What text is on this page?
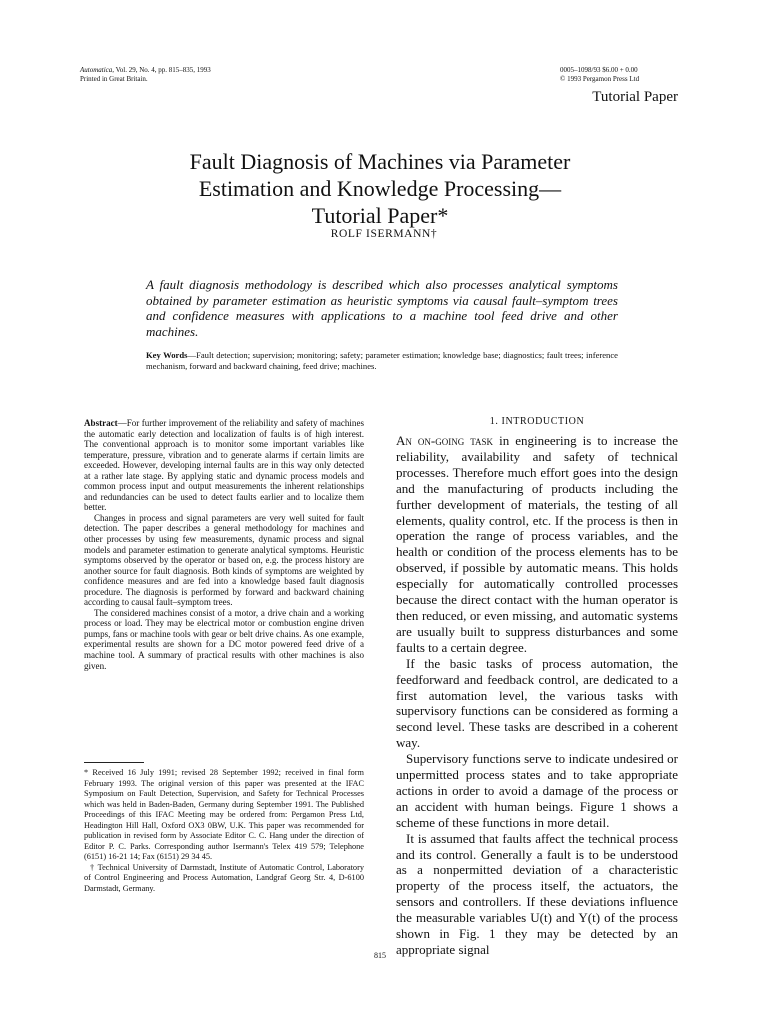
Automatica, Vol. 29, No. 4, pp. 815–835, 1993
Printed in Great Britain.
0005–1098/93 $6.00 + 0.00
© 1993 Pergamon Press Ltd
Tutorial Paper
Fault Diagnosis of Machines via Parameter
Estimation and Knowledge Processing—
Tutorial Paper*
ROLF ISERMANN†
A fault diagnosis methodology is described which also processes analytical symptoms obtained by parameter estimation as heuristic symptoms via causal fault–symptom trees and confidence measures with applications to a machine tool feed drive and other machines.
Key Words—Fault detection; supervision; monitoring; safety; parameter estimation; knowledge base; diagnostics; fault trees; inference mechanism, forward and backward chaining, feed drive; machines.

Abstract—For further improvement of the reliability and safety of machines the automatic early detection and localization of faults is of high interest. The conventional approach is to monitor some important variables like temperature, pressure, vibration and to generate alarms if certain limits are exceeded. However, developing internal faults are in this way only detected at a rather late stage. By applying static and dynamic process models and common process input and output measurements the inherent relationships and redundancies can be used to detect faults earlier and to localize them better.

Changes in process and signal parameters are very well suited for fault detection. The paper describes a general methodology for machines and other processes by using few measurements, dynamic process and signal models and parameter estimation to generate analytical symptoms. Heuristic symptoms observed by the operator or based on, e.g. the process history are another source for fault diagnosis. Both kinds of symptoms are weighted by confidence measures and are fed into a knowledge based fault diagnosis procedure. The diagnosis is performed by forward and backward chaining according to causal fault–symptom trees.

The considered machines consist of a motor, a drive chain and a working process or load. They may be electrical motor or combustion engine driven pumps, fans or machine tools with gear or belt drive chains. As one example, experimental results are shown for a DC motor powered feed drive of a machine tool. A summary of practical results with other machines is also given.

* Received 16 July 1991; revised 28 September 1992; received in final form February 1993. The original version of this paper was presented at the IFAC Symposium on Fault Detection, Supervision, and Safety for Technical Processes which was held in Baden-Baden, Germany during September 1991. The Published Proceedings of this IFAC Meeting may be ordered from: Pergamon Press Ltd, Headington Hill Hall, Oxford OX3 0BW, U.K. This paper was recommended for publication in revised form by Associate Editor C. C. Hang under the direction of Editor P. C. Parks. Corresponding author Isermann's Telex 419 579; Telephone (6151) 16-21 14; Fax (6151) 29 34 45.

† Technical University of Darmstadt, Institute of Automatic Control, Laboratory of Control Engineering and Process Automation, Landgraf Georg Str. 4, D-6100 Darmstadt, Germany.

1. INTRODUCTION

An on-going task in engineering is to increase the reliability, availability and safety of technical processes. Therefore much effort goes into the design and the manufacturing of products including the further development of materials, the testing of all elements, quality control, etc. If the process is then in operation the range of process variables, and the health or condition of the process elements has to be observed, if possible by automatic means. This holds especially for automatically controlled processes because the direct contact with the human operator is then reduced, or even missing, and automatic systems are usually built to suppress disturbances and some faults to a certain degree.

If the basic tasks of process automation, the feedforward and feedback control, are dedicated to a first automation level, the various tasks with supervisory functions can be considered as forming a second level. These tasks are described in a coherent way.

Supervisory functions serve to indicate undesired or unpermitted process states and to take appropriate actions in order to avoid a damage of the process or an accident with human beings. Figure 1 shows a scheme of these functions in more detail.

It is assumed that faults affect the technical process and its control. Generally a fault is to be understood as a nonpermitted deviation of a characteristic property of the process itself, the actuators, the sensors and controllers. If these deviations influence the measurable variables U(t) and Y(t) of the process shown in Fig. 1 they may be detected by an appropriate signal

815
